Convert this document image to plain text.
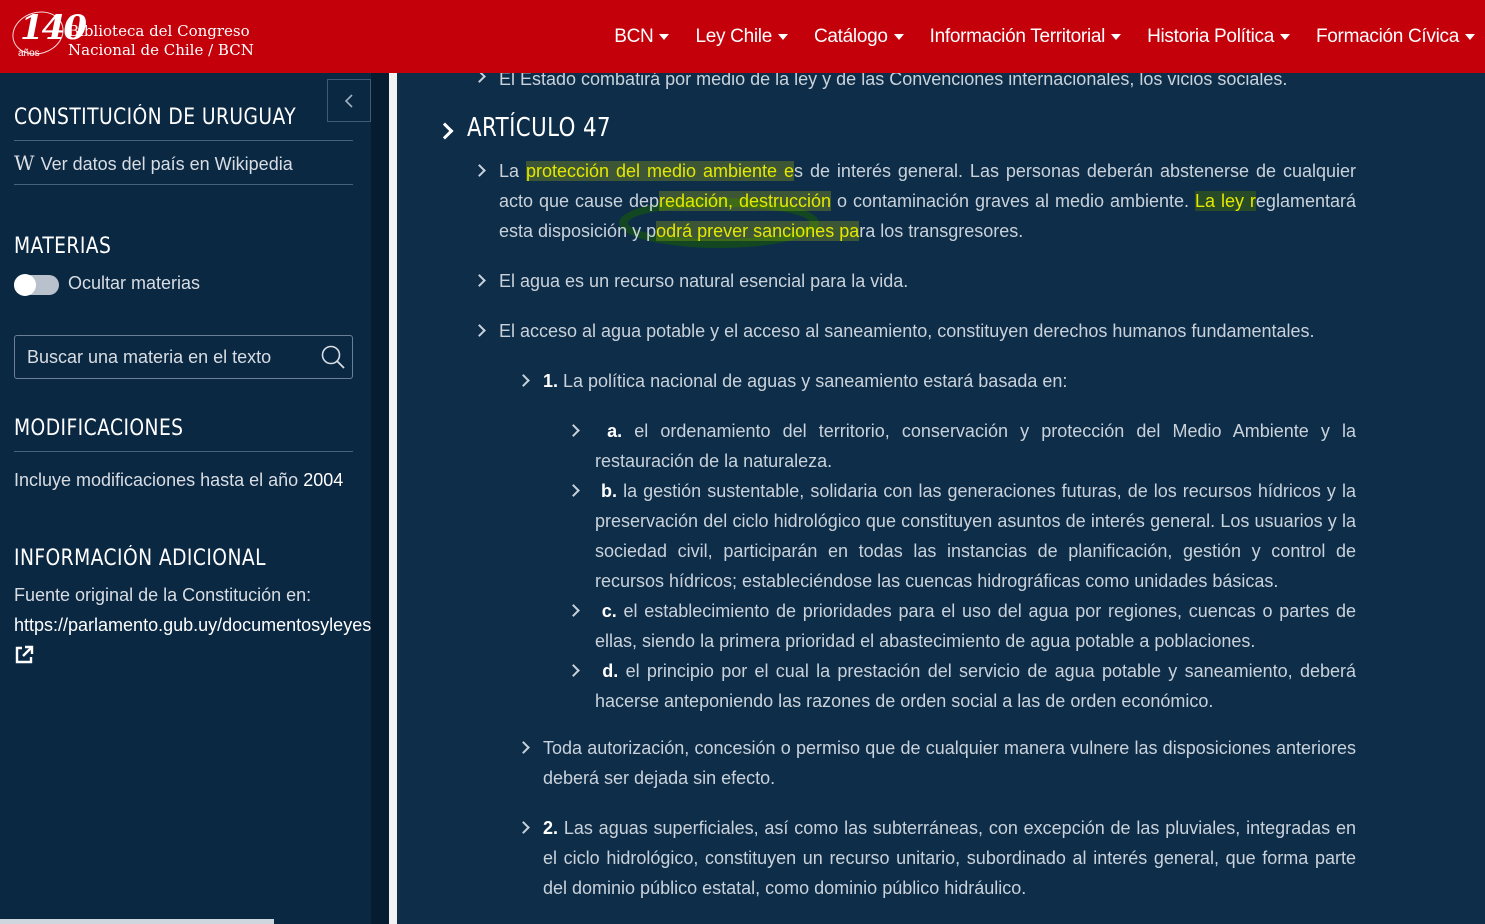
140
años
Biblioteca del Congreso
Nacional de Chile / BCN
BCN Ley Chile Catálogo Información Territorial Historia Política Formación Cívica
CONSTITUCIÓN DE URUGUAY
W Ver datos del país en Wikipedia
MATERIAS
Ocultar materias
Buscar una materia en el texto
MODIFICACIONES
Incluye modificaciones hasta el año 2004
INFORMACIÓN ADICIONAL
Fuente original de la Constitución en:
https://parlamento.gub.uy/documentosyleyes
El Estado combatirá por medio de la ley y de las Convenciones internacionales, los vicios sociales.
ARTÍCULO 47
La protección del medio ambiente es de interés general. Las personas deberán abstenerse de cualquier acto que cause depredación, destrucción o contaminación graves al medio ambiente. La ley reglamentará esta disposición y podrá prever sanciones para los transgresores.
El agua es un recurso natural esencial para la vida.
El acceso al agua potable y el acceso al saneamiento, constituyen derechos humanos fundamentales.
1. La política nacional de aguas y saneamiento estará basada en:
a. el ordenamiento del territorio, conservación y protección del Medio Ambiente y la restauración de la naturaleza.
b. la gestión sustentable, solidaria con las generaciones futuras, de los recursos hídricos y la preservación del ciclo hidrológico que constituyen asuntos de interés general. Los usuarios y la sociedad civil, participarán en todas las instancias de planificación, gestión y control de recursos hídricos; estableciéndose las cuencas hidrográficas como unidades básicas.
c. el establecimiento de prioridades para el uso del agua por regiones, cuencas o partes de ellas, siendo la primera prioridad el abastecimiento de agua potable a poblaciones.
d. el principio por el cual la prestación del servicio de agua potable y saneamiento, deberá hacerse anteponiendo las razones de orden social a las de orden económico.
Toda autorización, concesión o permiso que de cualquier manera vulnere las disposiciones anteriores deberá ser dejada sin efecto.
2. Las aguas superficiales, así como las subterráneas, con excepción de las pluviales, integradas en el ciclo hidrológico, constituyen un recurso unitario, subordinado al interés general, que forma parte del dominio público estatal, como dominio público hidráulico.
